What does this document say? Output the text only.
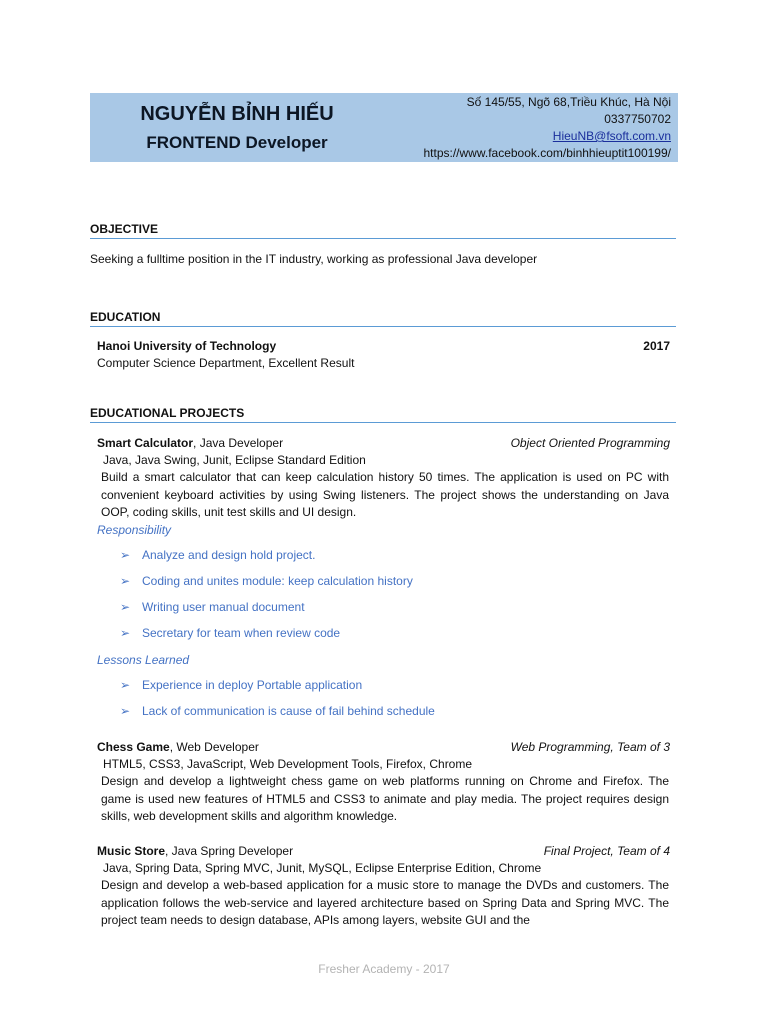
NGUYỄN BỈNH HIẾU
FRONTEND Developer
Số 145/55, Ngõ 68,Triều Khúc, Hà Nội
0337750702
HieuNB@fsoft.com.vn
https://www.facebook.com/binhhieuptit100199/
OBJECTIVE
Seeking a fulltime position in the IT industry, working as professional Java developer
EDUCATION
Hanoi University of Technology	2017
Computer Science Department, Excellent Result
EDUCATIONAL PROJECTS
Smart Calculator, Java Developer	Object Oriented Programming
Java, Java Swing, Junit, Eclipse Standard Edition
Build a smart calculator that can keep calculation history 50 times. The application is used on PC with convenient keyboard activities by using Swing listeners. The project shows the understanding on Java OOP, coding skills, unit test skills and UI design.
Responsibility
➢ Analyze and design hold project.
➢ Coding and unites module: keep calculation history
➢ Writing user manual document
➢ Secretary for team when review code
Lessons Learned
➢ Experience in deploy Portable application
➢ Lack of communication is cause of fail behind schedule
Chess Game, Web Developer	Web Programming, Team of 3
HTML5, CSS3, JavaScript, Web Development Tools, Firefox, Chrome
Design and develop a lightweight chess game on web platforms running on Chrome and Firefox. The game is used new features of HTML5 and CSS3 to animate and play media. The project requires design skills, web development skills and algorithm knowledge.
Music Store, Java Spring Developer	Final Project, Team of 4
Java, Spring Data, Spring MVC, Junit, MySQL, Eclipse Enterprise Edition, Chrome
Design and develop a web-based application for a music store to manage the DVDs and customers. The application follows the web-service and layered architecture based on Spring Data and Spring MVC. The project team needs to design database, APIs among layers, website GUI and the
Fresher Academy - 2017
